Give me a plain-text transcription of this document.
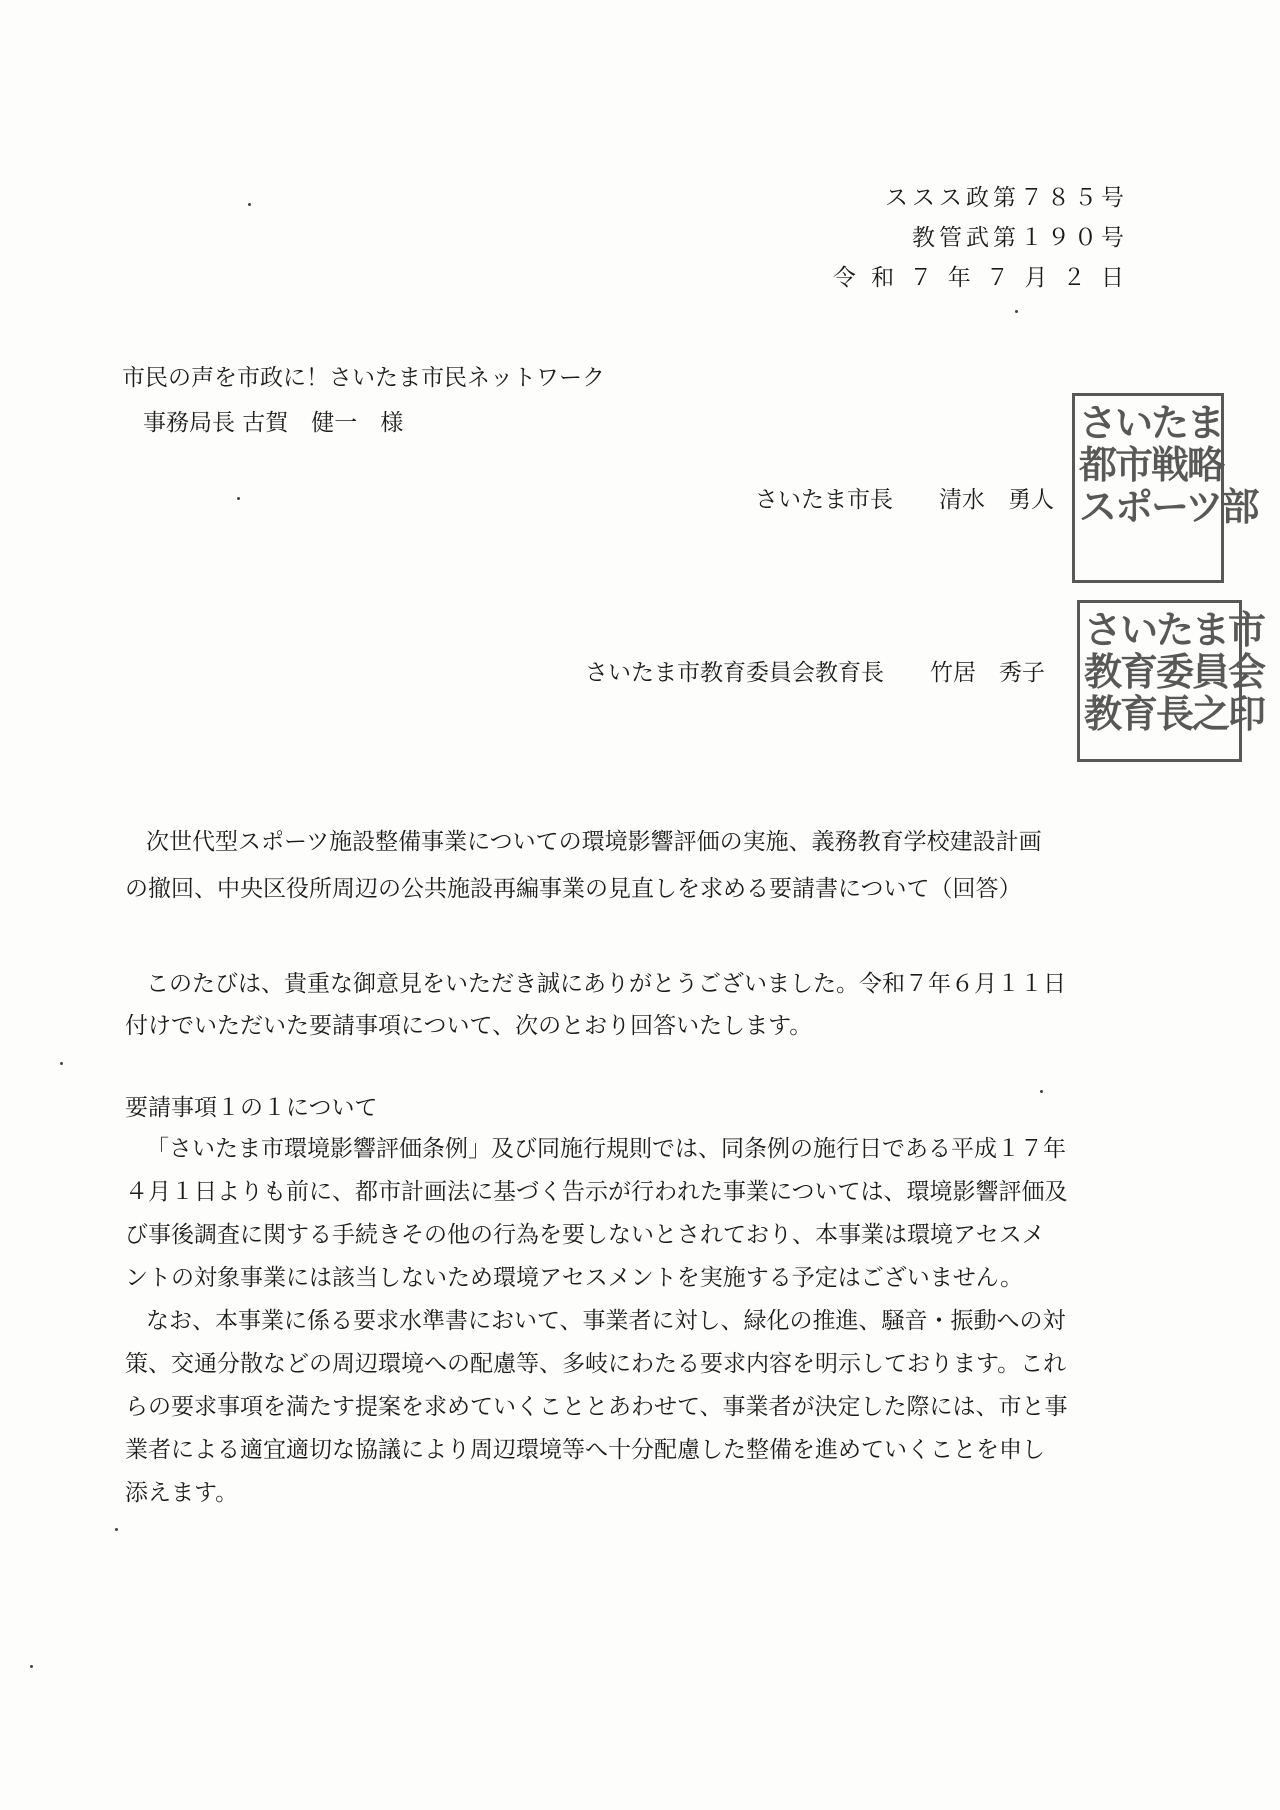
ススス政第７８５号
教管武第１９０号
令 和 ７ 年 ７ 月 ２ 日
市民の声を市政に！さいたま市民ネットワーク
事務局長 古賀　健一　様
さいたま市長　　清水　勇人
さいたま
都市戦略
スポーツ部
さいたま市教育委員会教育長　　竹居　秀子
さいたま市
教育委員会
教育長之印
次世代型スポーツ施設整備事業についての環境影響評価の実施、義務教育学校建設計画
の撤回、中央区役所周辺の公共施設再編事業の見直しを求める要請書について（回答）
このたびは、貴重な御意見をいただき誠にありがとうございました。令和７年６月１１日
付けでいただいた要請事項について、次のとおり回答いたします。
要請事項１の１について
「さいたま市環境影響評価条例」及び同施行規則では、同条例の施行日である平成１７年
４月１日よりも前に、都市計画法に基づく告示が行われた事業については、環境影響評価及
び事後調査に関する手続きその他の行為を要しないとされており、本事業は環境アセスメ
ントの対象事業には該当しないため環境アセスメントを実施する予定はございません。
なお、本事業に係る要求水準書において、事業者に対し、緑化の推進、騒音・振動への対
策、交通分散などの周辺環境への配慮等、多岐にわたる要求内容を明示しております。これ
らの要求事項を満たす提案を求めていくこととあわせて、事業者が決定した際には、市と事
業者による適宜適切な協議により周辺環境等へ十分配慮した整備を進めていくことを申し
添えます。
